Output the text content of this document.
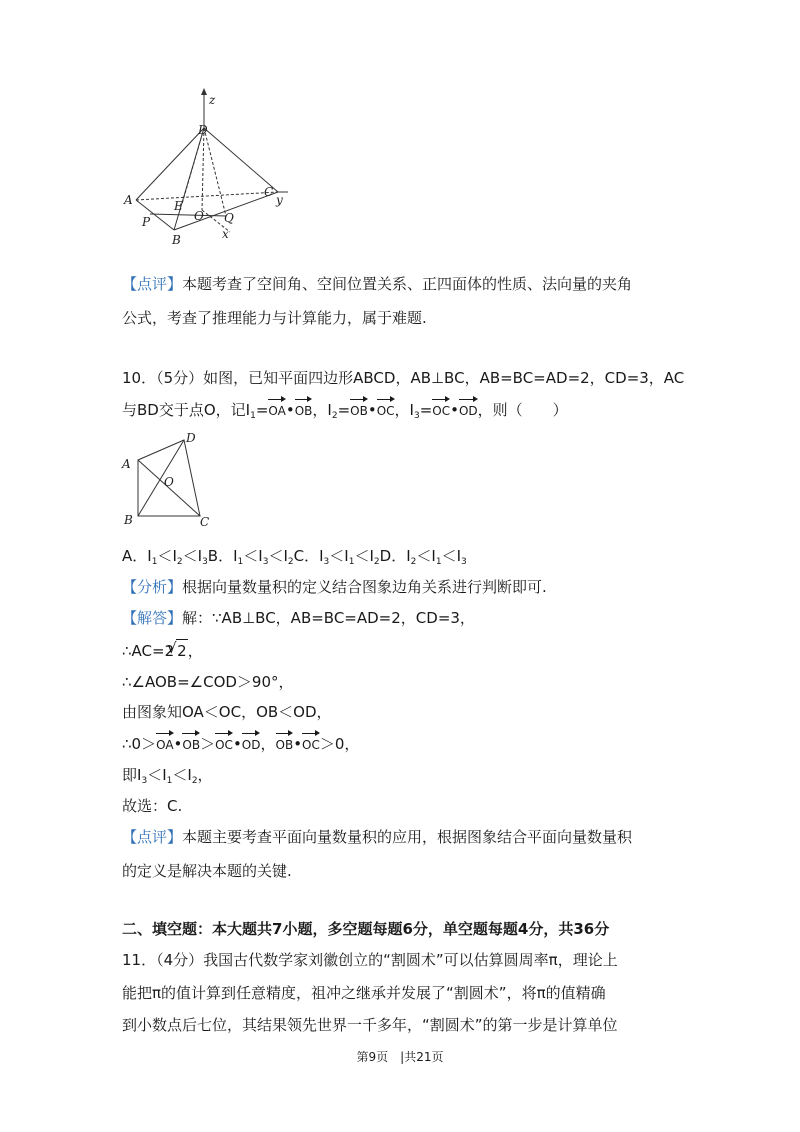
z
D
A	E
P	O Q
C
y
B	x
【点评】本题考查了空间角、空间位置关系、正四面体的性质、法向量的夹角
公式，考查了推理能力与计算能力，属于难题.
10．（5分）如图，已知平面四边形ABCD，AB⊥BC，AB=BC=AD=2，CD=3，AC
与BD交于点O，记$I_1=OA•OB$，$I_2=OB•OC$，$I_3=OC•OD$，则（　　）
A
D
O
B	C
A．$I_1<I_2<I_3B$．$I_1<I_3<I_2C$．$I_3<I_1<I_2D$．$I_2<I_1<I_3$
【分析】根据向量数量积的定义结合图象边角关系进行判断即可.
【解答】解：∵AB⊥BC，AB=BC=AD=2，CD=3，
∴AC=2√ 2，
∴∠AOB=∠COD＞90°，
由图象知OA＜OC，OB＜OD，
∴0＞OA•OB＞OC•OD，OB•OC＞0，
即$I_3<I_1<I_2$，
故选：C.
【点评】本题主要考查平面向量数量积的应用，根据图象结合平面向量数量积
的定义是解决本题的关键.
二、填空题：本大题共7小题，多空题每题6分，单空题每题4分，共36分
11．（4分）我国古代数学家刘徽创立的“割圆术”可以估算圆周率π，理论上
能把π的值计算到任意精度，祖冲之继承并发展了“割圆术”，将π的值精确
到小数点后七位，其结果领先世界一千多年，“割圆术”的第一步是计算单位
第9页　|共21页
